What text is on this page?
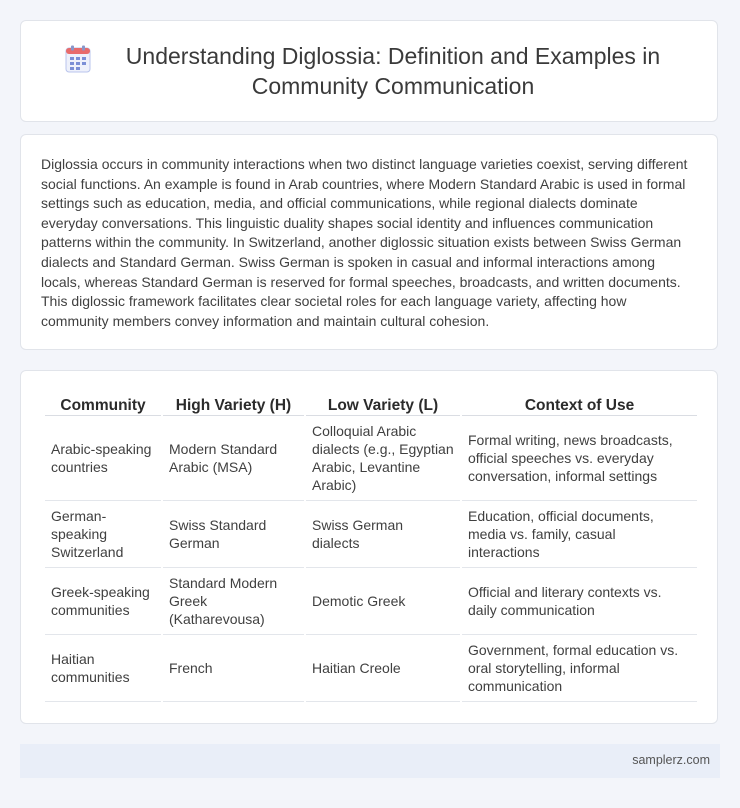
Understanding Diglossia: Definition and Examples in Community Communication

Diglossia occurs in community interactions when two distinct language varieties coexist, serving different social functions. An example is found in Arab countries, where Modern Standard Arabic is used in formal settings such as education, media, and official communications, while regional dialects dominate everyday conversations. This linguistic duality shapes social identity and influences communication patterns within the community. In Switzerland, another diglossic situation exists between Swiss German dialects and Standard German. Swiss German is spoken in casual and informal interactions among locals, whereas Standard German is reserved for formal speeches, broadcasts, and written documents. This diglossic framework facilitates clear societal roles for each language variety, affecting how community members convey information and maintain cultural cohesion.

Community	High Variety (H)	Low Variety (L)	Context of Use
Arabic-speaking countries	Modern Standard Arabic (MSA)	Colloquial Arabic dialects (e.g., Egyptian Arabic, Levantine Arabic)	Formal writing, news broadcasts, official speeches vs. everyday conversation, informal settings
German-speaking Switzerland	Swiss Standard German	Swiss German dialects	Education, official documents, media vs. family, casual interactions
Greek-speaking communities	Standard Modern Greek (Katharevousa)	Demotic Greek	Official and literary contexts vs. daily communication
Haitian communities	French	Haitian Creole	Government, formal education vs. oral storytelling, informal communication
samplerz.com
